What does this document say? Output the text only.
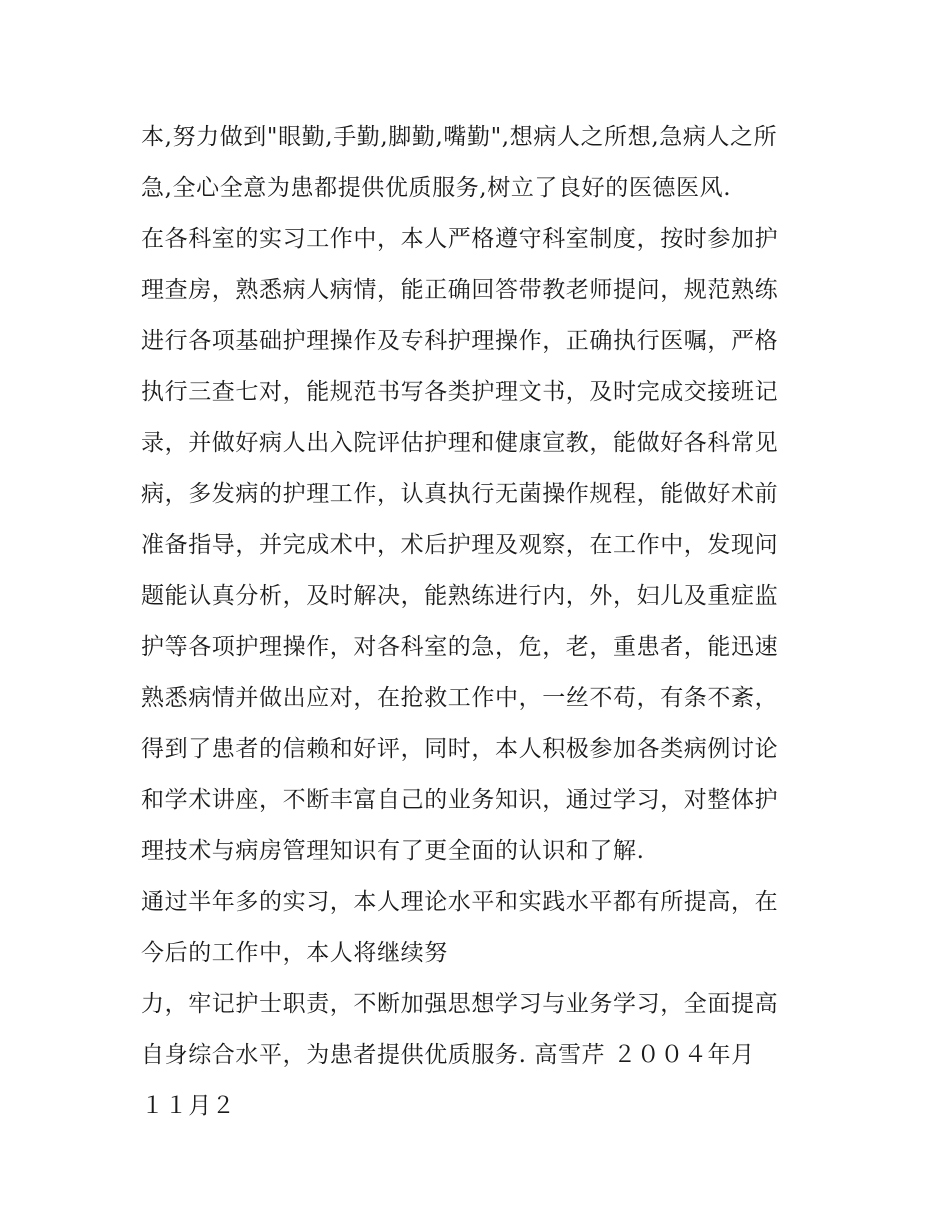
本,努力做到"眼勤,手勤,脚勤,嘴勤",想病人之所想,急病人之所
急,全心全意为患都提供优质服务,树立了良好的医德医风.
在各科室的实习工作中，本人严格遵守科室制度，按时参加护
理查房，熟悉病人病情，能正确回答带教老师提问，规范熟练
进行各项基础护理操作及专科护理操作，正确执行医嘱，严格
执行三查七对，能规范书写各类护理文书，及时完成交接班记
录，并做好病人出入院评估护理和健康宣教，能做好各科常见
病，多发病的护理工作，认真执行无菌操作规程，能做好术前
准备指导，并完成术中，术后护理及观察，在工作中，发现问
题能认真分析，及时解决，能熟练进行内，外，妇儿及重症监
护等各项护理操作，对各科室的急，危，老，重患者，能迅速
熟悉病情并做出应对，在抢救工作中，一丝不苟，有条不紊，
得到了患者的信赖和好评，同时，本人积极参加各类病例讨论
和学术讲座，不断丰富自己的业务知识，通过学习，对整体护
理技术与病房管理知识有了更全面的认识和了解.
通过半年多的实习，本人理论水平和实践水平都有所提高，在
今后的工作中，本人将继续努
力，牢记护士职责，不断加强思想学习与业务学习，全面提高
自身综合水平，为患者提供优质服务. 高雪芹 ２００４年月
１１月２
